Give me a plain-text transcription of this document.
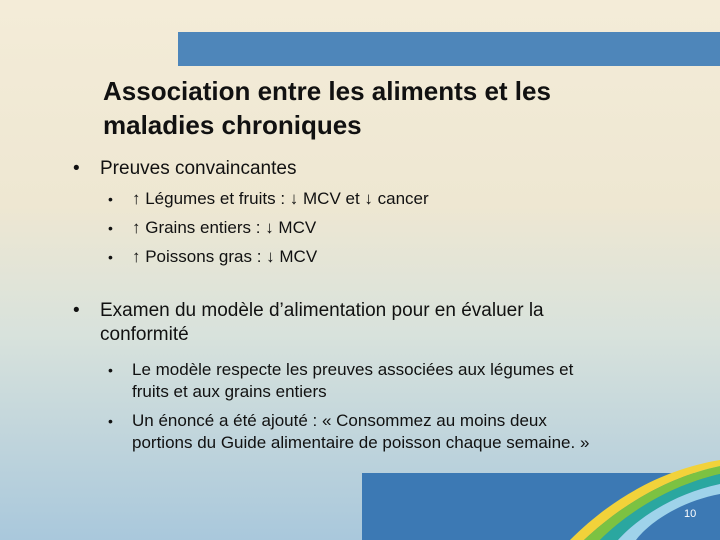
Association entre les aliments et les
maladies chroniques
• Preuves convaincantes
• ↑ Légumes et fruits : ↓ MCV et ↓ cancer
• ↑ Grains entiers : ↓ MCV
• ↑ Poissons gras : ↓ MCV
• Examen du modèle d’alimentation pour en évaluer la
conformité
• Le modèle respecte les preuves associées aux légumes et
fruits et aux grains entiers
• Un énoncé a été ajouté : « Consommez au moins deux
portions du Guide alimentaire de poisson chaque semaine. »
10
